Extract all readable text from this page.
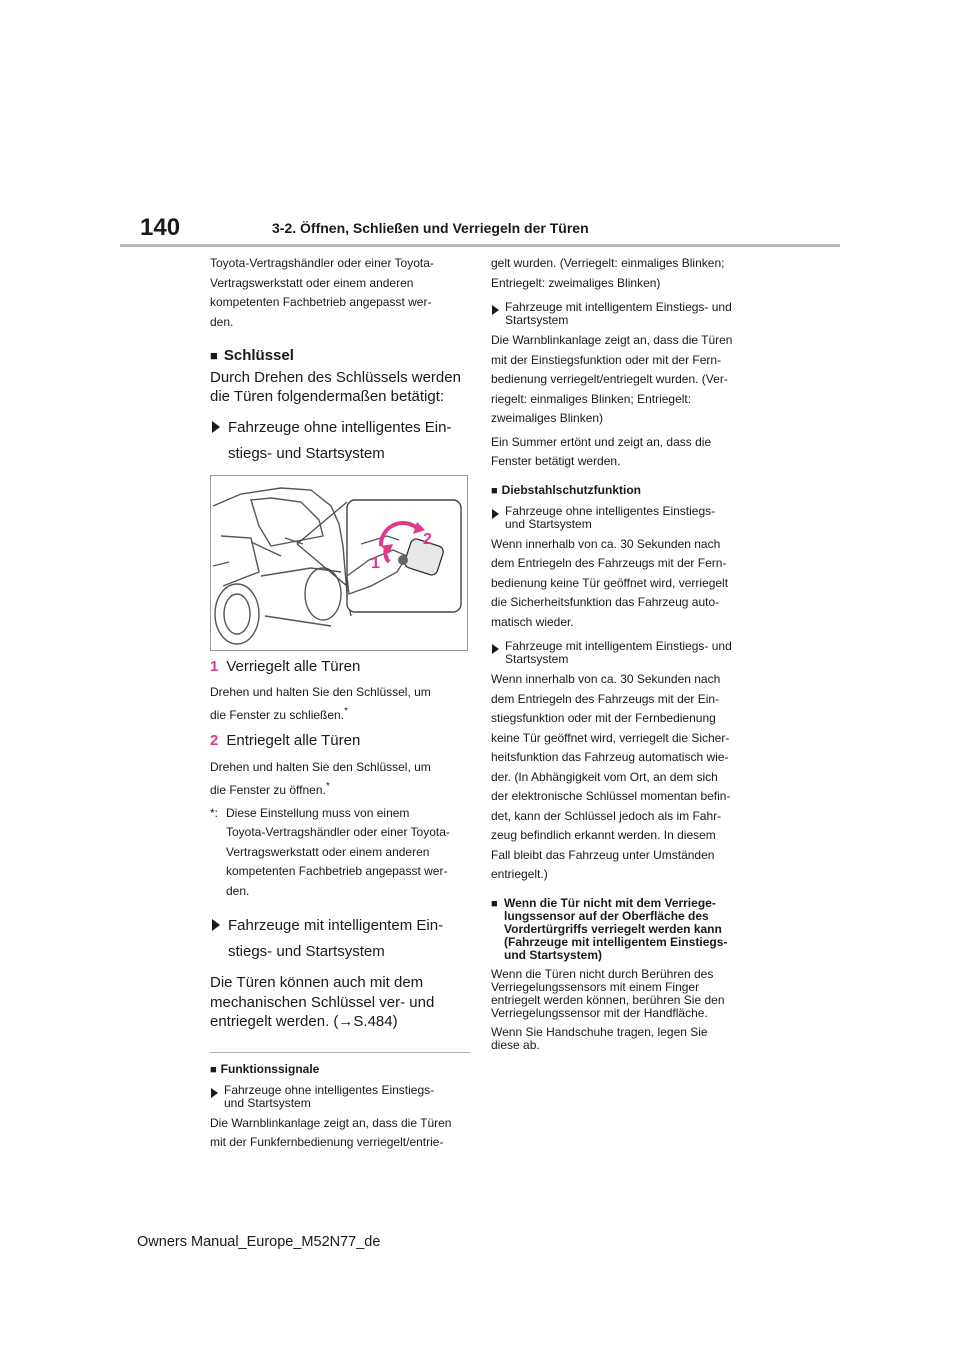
140	3-2. Öffnen, Schließen und Verriegeln der Türen
Toyota-Vertragshändler oder einer Toyota-
Vertragswerkstatt oder einem anderen
kompetenten Fachbetrieb angepasst wer-
den.
■ Schlüssel
Durch Drehen des Schlüssels werden
die Türen folgendermaßen betätigt:
Fahrzeuge ohne intelligentes Ein-
stiegs- und Startsystem
2
1
1 Verriegelt alle Türen
Drehen und halten Sie den Schlüssel, um
die Fenster zu schließen.*
2 Entriegelt alle Türen
Drehen und halten Sie den Schlüssel, um
die Fenster zu öffnen.*
*: Diese Einstellung muss von einem
Toyota-Vertragshändler oder einer Toyota-
Vertragswerkstatt oder einem anderen
kompetenten Fachbetrieb angepasst wer-
den.
Fahrzeuge mit intelligentem Ein-
stiegs- und Startsystem
Die Türen können auch mit dem
mechanischen Schlüssel ver- und
entriegelt werden. (→S.484)
■ Funktionssignale
Fahrzeuge ohne intelligentes Einstiegs-
und Startsystem
Die Warnblinkanlage zeigt an, dass die Türen
mit der Funkfernbedienung verriegelt/entrie-
gelt wurden. (Verriegelt: einmaliges Blinken;
Entriegelt: zweimaliges Blinken)
Fahrzeuge mit intelligentem Einstiegs- und
Startsystem
Die Warnblinkanlage zeigt an, dass die Türen
mit der Einstiegsfunktion oder mit der Fern-
bedienung verriegelt/entriegelt wurden. (Ver-
riegelt: einmaliges Blinken; Entriegelt:
zweimaliges Blinken)
Ein Summer ertönt und zeigt an, dass die
Fenster betätigt werden.
■ Diebstahlschutzfunktion
Fahrzeuge ohne intelligentes Einstiegs-
und Startsystem
Wenn innerhalb von ca. 30 Sekunden nach
dem Entriegeln des Fahrzeugs mit der Fern-
bedienung keine Tür geöffnet wird, verriegelt
die Sicherheitsfunktion das Fahrzeug auto-
matisch wieder.
Fahrzeuge mit intelligentem Einstiegs- und
Startsystem
Wenn innerhalb von ca. 30 Sekunden nach
dem Entriegeln des Fahrzeugs mit der Ein-
stiegsfunktion oder mit der Fernbedienung
keine Tür geöffnet wird, verriegelt die Sicher-
heitsfunktion das Fahrzeug automatisch wie-
der. (In Abhängigkeit vom Ort, an dem sich
der elektronische Schlüssel momentan befin-
det, kann der Schlüssel jedoch als im Fahr-
zeug befindlich erkannt werden. In diesem
Fall bleibt das Fahrzeug unter Umständen
entriegelt.)
■
Wenn die Tür nicht mit dem Verriege-
lungssensor auf der Oberfläche des
Vordertürgriffs verriegelt werden kann
(Fahrzeuge mit intelligentem Einstiegs-
und Startsystem)
Wenn die Türen nicht durch Berühren des
Verriegelungssensors mit einem Finger
entriegelt werden können, berühren Sie den
Verriegelungssensor mit der Handfläche.
Wenn Sie Handschuhe tragen, legen Sie
diese ab.
Owners Manual_Europe_M52N77_de
